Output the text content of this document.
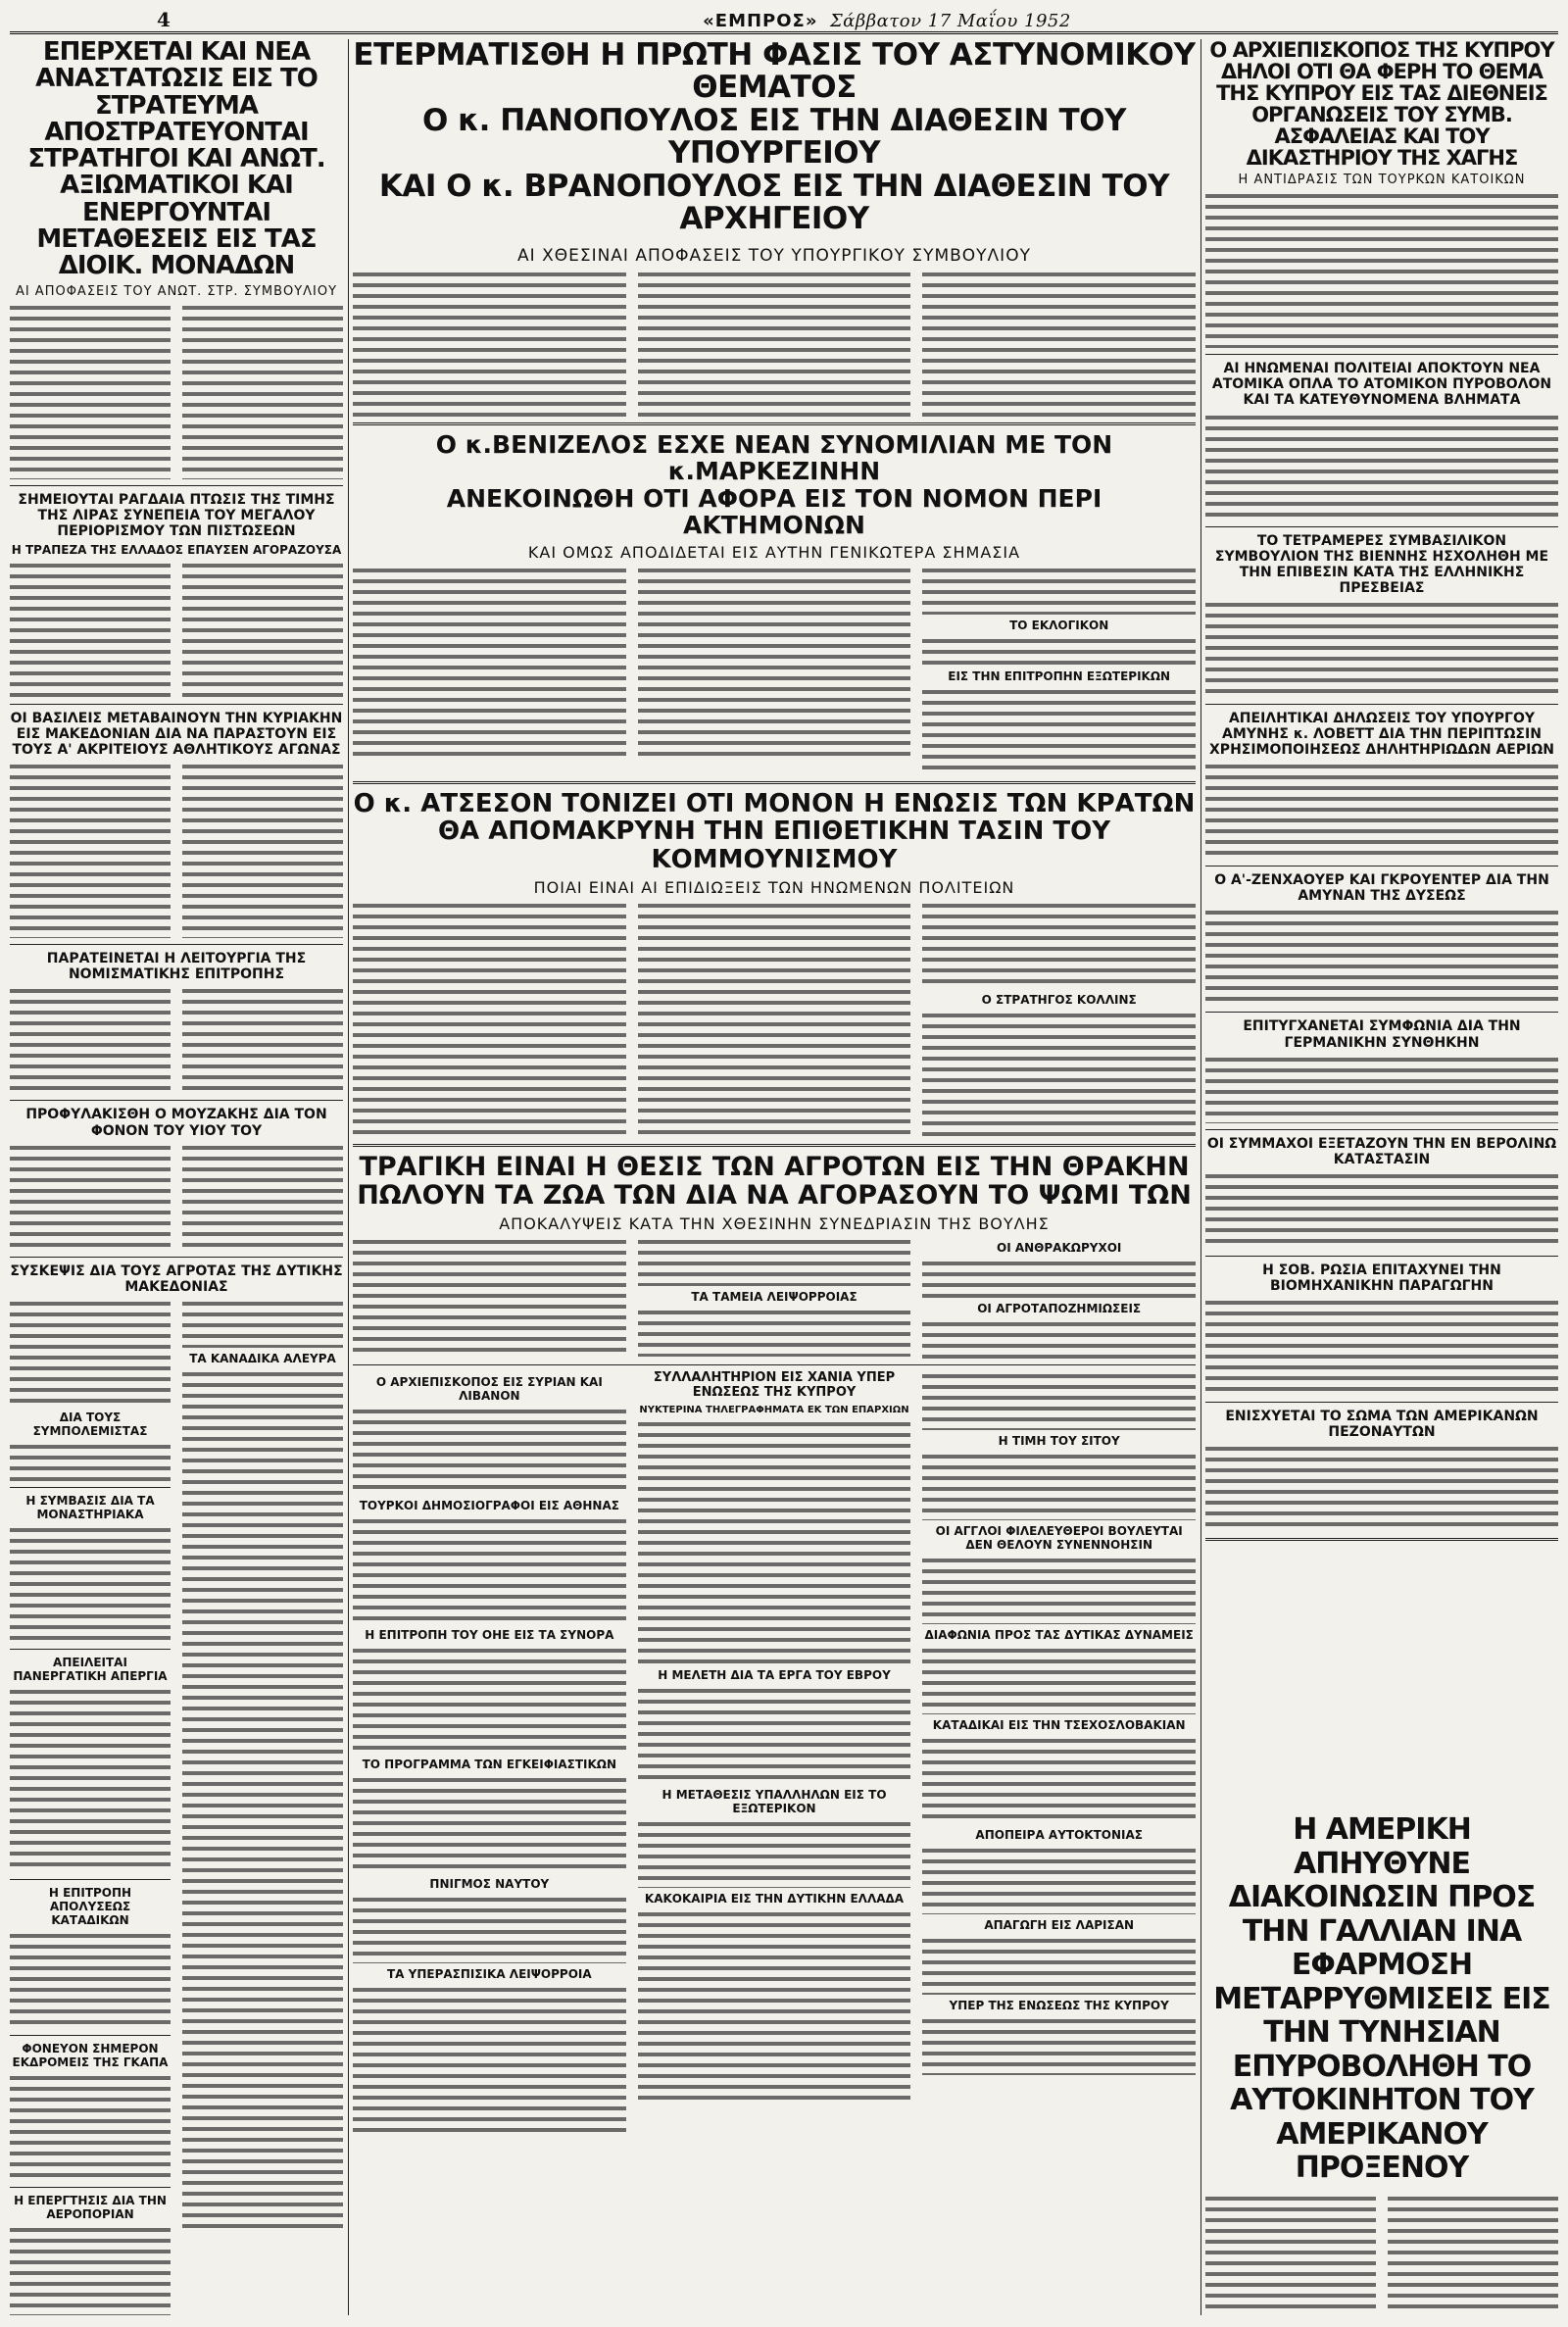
4	«ΕΜΠΡΟΣ» Σάββατον 17 Μαΐου 1952
ΕΠΕΡΧΕΤΑΙ ΚΑΙ ΝΕΑ ΑΝΑΣΤΑΤΩΣΙΣ ΕΙΣ ΤΟ ΣΤΡΑΤΕΥΜΑ ΑΠΟΣΤΡΑΤΕΥΟΝΤΑΙ ΣΤΡΑΤΗΓΟΙ ΚΑΙ ΑΝΩΤ. ΑΞΙΩΜΑΤΙΚΟΙ ΚΑΙ ΕΝΕΡΓΟΥΝΤΑΙ ΜΕΤΑΘΕΣΕΙΣ ΕΙΣ ΤΑΣ ΔΙΟΙΚ. ΜΟΝΑΔΩΝ
ΑΙ ΑΠΟΦΑΣΕΙΣ ΤΟΥ ΑΝΩΤ. ΣΤΡ. ΣΥΜΒΟΥΛΙΟΥ
ΣΗΜΕΙΟΥΤΑΙ ΡΑΓΔΑΙΑ ΠΤΩΣΙΣ ΤΗΣ ΤΙΜΗΣ ΤΗΣ ΛΙΡΑΣ ΣΥΝΕΠΕΙΑ ΤΟΥ ΜΕΓΑΛΟΥ ΠΕΡΙΟΡΙΣΜΟΥ ΤΩΝ ΠΙΣΤΩΣΕΩΝ
Η ΤΡΑΠΕΖΑ ΤΗΣ ΕΛΛΑΔΟΣ ΕΠΑΥΣΕΝ ΑΓΟΡΑΖΟΥΣΑ
ΟΙ ΒΑΣΙΛΕΙΣ ΜΕΤΑΒΑΙΝΟΥΝ ΤΗΝ ΚΥΡΙΑΚΗΝ ΕΙΣ ΜΑΚΕΔΟΝΙΑΝ ΔΙΑ ΝΑ ΠΑΡΑΣΤΟΥΝ ΕΙΣ ΤΟΥΣ Α' ΑΚΡΙΤΕΙΟΥΣ ΑΘΛΗΤΙΚΟΥΣ ΑΓΩΝΑΣ
ΠΑΡΑΤΕΙΝΕΤΑΙ Η ΛΕΙΤΟΥΡΓΙΑ ΤΗΣ ΝΟΜΙΣΜΑΤΙΚΗΣ ΕΠΙΤΡΟΠΗΣ
ΠΡΟΦΥΛΑΚΙΣΘΗ Ο ΜΟΥΖΑΚΗΣ ΔΙΑ ΤΟΝ ΦΟΝΟΝ ΤΟΥ ΥΙΟΥ ΤΟΥ
ΣΥΣΚΕΨΙΣ ΔΙΑ ΤΟΥΣ ΑΓΡΟΤΑΣ ΤΗΣ ΔΥΤΙΚΗΣ ΜΑΚΕΔΟΝΙΑΣ
ΔΙΑ ΤΟΥΣ ΣΥΜΠΟΛΕΜΙΣΤΑΣ
Η ΣΥΜΒΑΣΙΣ ΔΙΑ ΤΑ ΜΟΝΑΣΤΗΡΙΑΚΑ
ΑΠΕΙΛΕΙΤΑΙ ΠΑΝΕΡΓΑΤΙΚΗ ΑΠΕΡΓΙΑ
Η ΕΠΙΤΡΟΠΗ ΑΠΟΛΥΣΕΩΣ ΚΑΤΑΔΙΚΩΝ
ΦΟΝΕΥΟΝ ΣΗΜΕΡΟΝ ΕΚΔΡΟΜΕΙΣ ΤΗΣ ΓΚΑΠΑ
Η ΕΠΕΡΓΤΗΣΙΣ ΔΙΑ ΤΗΝ ΑΕΡΟΠΟΡΙΑΝ
ΤΑ ΚΑΝΑΔΙΚΑ ΑΛΕΥΡΑ
ΕΤΕΡΜΑΤΙΣΘΗ Η ΠΡΩΤΗ ΦΑΣΙΣ ΤΟΥ ΑΣΤΥΝΟΜΙΚΟΥ ΘΕΜΑΤΟΣ
Ο κ. ΠΑΝΟΠΟΥΛΟΣ ΕΙΣ ΤΗΝ ΔΙΑΘΕΣΙΝ ΤΟΥ ΥΠΟΥΡΓΕΙΟΥ
ΚΑΙ Ο κ. ΒΡΑΝΟΠΟΥΛΟΣ ΕΙΣ ΤΗΝ ΔΙΑΘΕΣΙΝ ΤΟΥ ΑΡΧΗΓΕΙΟΥ
ΑΙ ΧΘΕΣΙΝΑΙ ΑΠΟΦΑΣΕΙΣ ΤΟΥ ΥΠΟΥΡΓΙΚΟΥ ΣΥΜΒΟΥΛΙΟΥ
Ο κ.ΒΕΝΙΖΕΛΟΣ ΕΣΧΕ ΝΕΑΝ ΣΥΝΟΜΙΛΙΑΝ ΜΕ ΤΟΝ κ.ΜΑΡΚΕΖΙΝΗΝ
ΑΝΕΚΟΙΝΩΘΗ ΟΤΙ ΑΦΟΡΑ ΕΙΣ ΤΟΝ ΝΟΜΟΝ ΠΕΡΙ ΑΚΤΗΜΟΝΩΝ
ΚΑΙ ΟΜΩΣ ΑΠΟΔΙΔΕΤΑΙ ΕΙΣ ΑΥΤΗΝ ΓΕΝΙΚΩΤΕΡΑ ΣΗΜΑΣΙΑ
ΤΟ ΕΚΛΟΓΙΚΟΝ
ΕΙΣ ΤΗΝ ΕΠΙΤΡΟΠΗΝ ΕΞΩΤΕΡΙΚΩΝ
Ο κ. ΑΤΣΕΣΟΝ ΤΟΝΙΖΕΙ ΟΤΙ ΜΟΝΟΝ Η ΕΝΩΣΙΣ ΤΩΝ ΚΡΑΤΩΝ
ΘΑ ΑΠΟΜΑΚΡΥΝΗ ΤΗΝ ΕΠΙΘΕΤΙΚΗΝ ΤΑΣΙΝ ΤΟΥ ΚΟΜΜΟΥΝΙΣΜΟΥ
ΠΟΙΑΙ ΕΙΝΑΙ ΑΙ ΕΠΙΔΙΩΞΕΙΣ ΤΩΝ ΗΝΩΜΕΝΩΝ ΠΟΛΙΤΕΙΩΝ
Ο ΣΤΡΑΤΗΓΟΣ ΚΟΛΛΙΝΣ
ΤΡΑΓΙΚΗ ΕΙΝΑΙ Η ΘΕΣΙΣ ΤΩΝ ΑΓΡΟΤΩΝ ΕΙΣ ΤΗΝ ΘΡΑΚΗΝ
ΠΩΛΟΥΝ ΤΑ ΖΩΑ ΤΩΝ ΔΙΑ ΝΑ ΑΓΟΡΑΣΟΥΝ ΤΟ ΨΩΜΙ ΤΩΝ
ΑΠΟΚΑΛΥΨΕΙΣ ΚΑΤΑ ΤΗΝ ΧΘΕΣΙΝΗΝ ΣΥΝΕΔΡΙΑΣΙΝ ΤΗΣ ΒΟΥΛΗΣ
ΤΑ ΤΑΜΕΙΑ ΛΕΙΨΟΡΡΟΙΑΣ
ΟΙ ΑΝΘΡΑΚΩΡΥΧΟΙ
ΟΙ ΑΓΡΟΤΑΠΟΖΗΜΙΩΣΕΙΣ
Ο ΑΡΧΙΕΠΙΣΚΟΠΟΣ ΕΙΣ ΣΥΡΙΑΝ ΚΑΙ ΛΙΒΑΝΟΝ
ΤΟΥΡΚΟΙ ΔΗΜΟΣΙΟΓΡΑΦΟΙ ΕΙΣ ΑΘΗΝΑΣ
Η ΕΠΙΤΡΟΠΗ ΤΟΥ ΟΗΕ ΕΙΣ ΤΑ ΣΥΝΟΡΑ
ΤΟ ΠΡΟΓΡΑΜΜΑ ΤΩΝ ΕΓΚΕΙΦΙΑΣΤΙΚΩΝ
ΠΝΙΓΜΟΣ ΝΑΥΤΟΥ
ΤΑ ΥΠΕΡΑΣΠΙΣΙΚΑ ΛΕΙΨΟΡΡΟΙΑ
ΣΥΛΛΑΛΗΤΗΡΙΟΝ ΕΙΣ ΧΑΝΙΑ ΥΠΕΡ ΕΝΩΣΕΩΣ ΤΗΣ ΚΥΠΡΟΥ
ΝΥΚΤΕΡΙΝΑ ΤΗΛΕΓΡΑΦΗΜΑΤΑ ΕΚ ΤΩΝ ΕΠΑΡΧΙΩΝ
Η ΜΕΛΕΤΗ ΔΙΑ ΤΑ ΕΡΓΑ ΤΟΥ ΕΒΡΟΥ
Η ΜΕΤΑΘΕΣΙΣ ΥΠΑΛΛΗΛΩΝ ΕΙΣ ΤΟ ΕΞΩΤΕΡΙΚΟΝ
ΚΑΚΟΚΑΙΡΙΑ ΕΙΣ ΤΗΝ ΔΥΤΙΚΗΝ ΕΛΛΑΔΑ
Η ΤΙΜΗ ΤΟΥ ΣΙΤΟΥ
ΟΙ ΑΓΓΛΟΙ ΦΙΛΕΛΕΥΘΕΡΟΙ ΒΟΥΛΕΥΤΑΙ ΔΕΝ ΘΕΛΟΥΝ ΣΥΝΕΝΝΟΗΣΙΝ
ΔΙΑΦΩΝΙΑ ΠΡΟΣ ΤΑΣ ΔΥΤΙΚΑΣ ΔΥΝΑΜΕΙΣ
ΚΑΤΑΔΙΚΑΙ ΕΙΣ ΤΗΝ ΤΣΕΧΟΣΛΟΒΑΚΙΑΝ
ΑΠΟΠΕΙΡΑ ΑΥΤΟΚΤΟΝΙΑΣ
ΑΠΑΓΩΓΗ ΕΙΣ ΛΑΡΙΣΑΝ
ΥΠΕΡ ΤΗΣ ΕΝΩΣΕΩΣ ΤΗΣ ΚΥΠΡΟΥ
Ο ΑΡΧΙΕΠΙΣΚΟΠΟΣ ΤΗΣ ΚΥΠΡΟΥ ΔΗΛΟΙ ΟΤΙ ΘΑ ΦΕΡΗ ΤΟ ΘΕΜΑ ΤΗΣ ΚΥΠΡΟΥ ΕΙΣ ΤΑΣ ΔΙΕΘΝΕΙΣ ΟΡΓΑΝΩΣΕΙΣ ΤΟΥ ΣΥΜΒ. ΑΣΦΑΛΕΙΑΣ ΚΑΙ ΤΟΥ ΔΙΚΑΣΤΗΡΙΟΥ ΤΗΣ ΧΑΓΗΣ
Η ΑΝΤΙΔΡΑΣΙΣ ΤΩΝ ΤΟΥΡΚΩΝ ΚΑΤΟΙΚΩΝ
ΑΙ ΗΝΩΜΕΝΑΙ ΠΟΛΙΤΕΙΑΙ ΑΠΟΚΤΟΥΝ ΝΕΑ ΑΤΟΜΙΚΑ ΟΠΛΑ ΤΟ ΑΤΟΜΙΚΟΝ ΠΥΡΟΒΟΛΟΝ ΚΑΙ ΤΑ ΚΑΤΕΥΘΥΝΟΜΕΝΑ ΒΛΗΜΑΤΑ
ΤΟ ΤΕΤΡΑΜΕΡΕΣ ΣΥΜΒΑΣΙΛΙΚΟΝ ΣΥΜΒΟΥΛΙΟΝ ΤΗΣ ΒΙΕΝΝΗΣ ΗΣΧΟΛΗΘΗ ΜΕ ΤΗΝ ΕΠΙΒΕΣΙΝ ΚΑΤΑ ΤΗΣ ΕΛΛΗΝΙΚΗΣ ΠΡΕΣΒΕΙΑΣ
ΑΠΕΙΛΗΤΙΚΑΙ ΔΗΛΩΣΕΙΣ ΤΟΥ ΥΠΟΥΡΓΟΥ ΑΜΥΝΗΣ κ. ΛΟΒΕΤΤ ΔΙΑ ΤΗΝ ΠΕΡΙΠΤΩΣΙΝ ΧΡΗΣΙΜΟΠΟΙΗΣΕΩΣ ΔΗΛΗΤΗΡΙΩΔΩΝ ΑΕΡΙΩΝ
Ο Α'-ΖΕΝΧΑΟΥΕΡ ΚΑΙ ΓΚΡΟΥΕΝΤΕΡ ΔΙΑ ΤΗΝ ΑΜΥΝΑΝ ΤΗΣ ΔΥΣΕΩΣ
ΕΠΙΤΥΓΧΑΝΕΤΑΙ ΣΥΜΦΩΝΙΑ ΔΙΑ ΤΗΝ ΓΕΡΜΑΝΙΚΗΝ ΣΥΝΘΗΚΗΝ
ΟΙ ΣΥΜΜΑΧΟΙ ΕΞΕΤΑΖΟΥΝ ΤΗΝ ΕΝ ΒΕΡΟΛΙΝΩ ΚΑΤΑΣΤΑΣΙΝ
Η ΣΟΒ. ΡΩΣΙΑ ΕΠΙΤΑΧΥΝΕΙ ΤΗΝ ΒΙΟΜΗΧΑΝΙΚΗΝ ΠΑΡΑΓΩΓΗΝ
ΕΝΙΣΧΥΕΤΑΙ ΤΟ ΣΩΜΑ ΤΩΝ ΑΜΕΡΙΚΑΝΩΝ ΠΕΖΟΝΑΥΤΩΝ
Η ΑΜΕΡΙΚΗ ΑΠΗΥΘΥΝΕ ΔΙΑΚΟΙΝΩΣΙΝ ΠΡΟΣ ΤΗΝ ΓΑΛΛΙΑΝ ΙΝΑ ΕΦΑΡΜΟΣΗ ΜΕΤΑΡΡΥΘΜΙΣΕΙΣ ΕΙΣ ΤΗΝ ΤΥΝΗΣΙΑΝ ΕΠΥΡΟΒΟΛΗΘΗ ΤΟ ΑΥΤΟΚΙΝΗΤΟΝ ΤΟΥ ΑΜΕΡΙΚΑΝΟΥ ΠΡΟΞΕΝΟΥ
